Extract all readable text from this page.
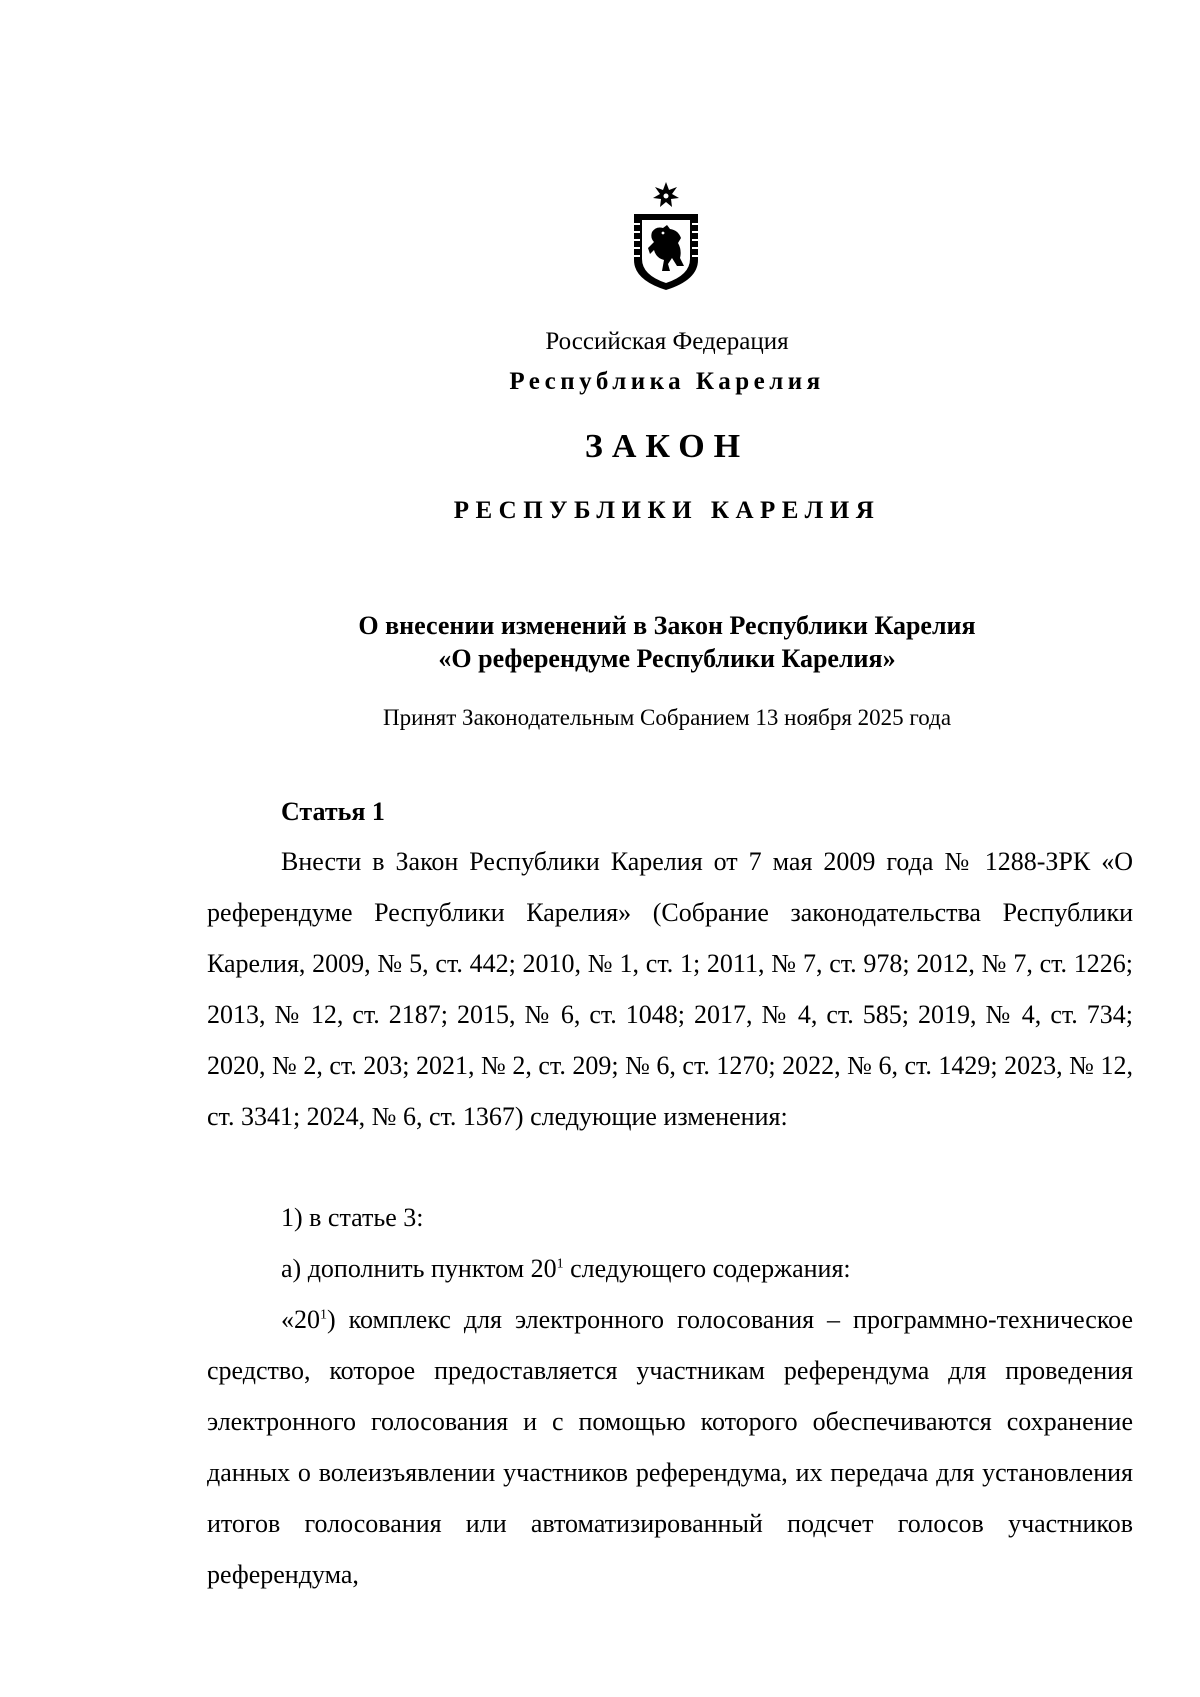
Российская Федерация
Республика Карелия
ЗАКОН
РЕСПУБЛИКИ КАРЕЛИЯ
О внесении изменений в Закон Республики Карелия
«О референдуме Республики Карелия»
Принят Законодательным Собранием 13 ноября 2025 года
Статья 1
Внести в Закон Республики Карелия от 7 мая 2009 года № 1288-ЗРК «О референдуме Республики Карелия» (Собрание законодательства Республики Карелия, 2009, № 5, ст. 442; 2010, № 1, ст. 1; 2011, № 7, ст. 978; 2012, № 7, ст. 1226; 2013, № 12, ст. 2187; 2015, № 6, ст. 1048; 2017, № 4, ст. 585; 2019, № 4, ст. 734; 2020, № 2, ст. 203; 2021, № 2, ст. 209; № 6, ст. 1270; 2022, № 6, ст. 1429; 2023, № 12, ст. 3341; 2024, № 6, ст. 1367) следующие изменения:
1) в статье 3:
а) дополнить пунктом $20^1$ следующего содержания:
«$20^1$) комплекс для электронного голосования – программно-техническое средство, которое предоставляется участникам референдума для проведения электронного голосования и с помощью которого обеспечиваются сохранение данных о волеизъявлении участников референдума, их передача для установления итогов голосования или автоматизированный подсчет голосов участников референдума,
